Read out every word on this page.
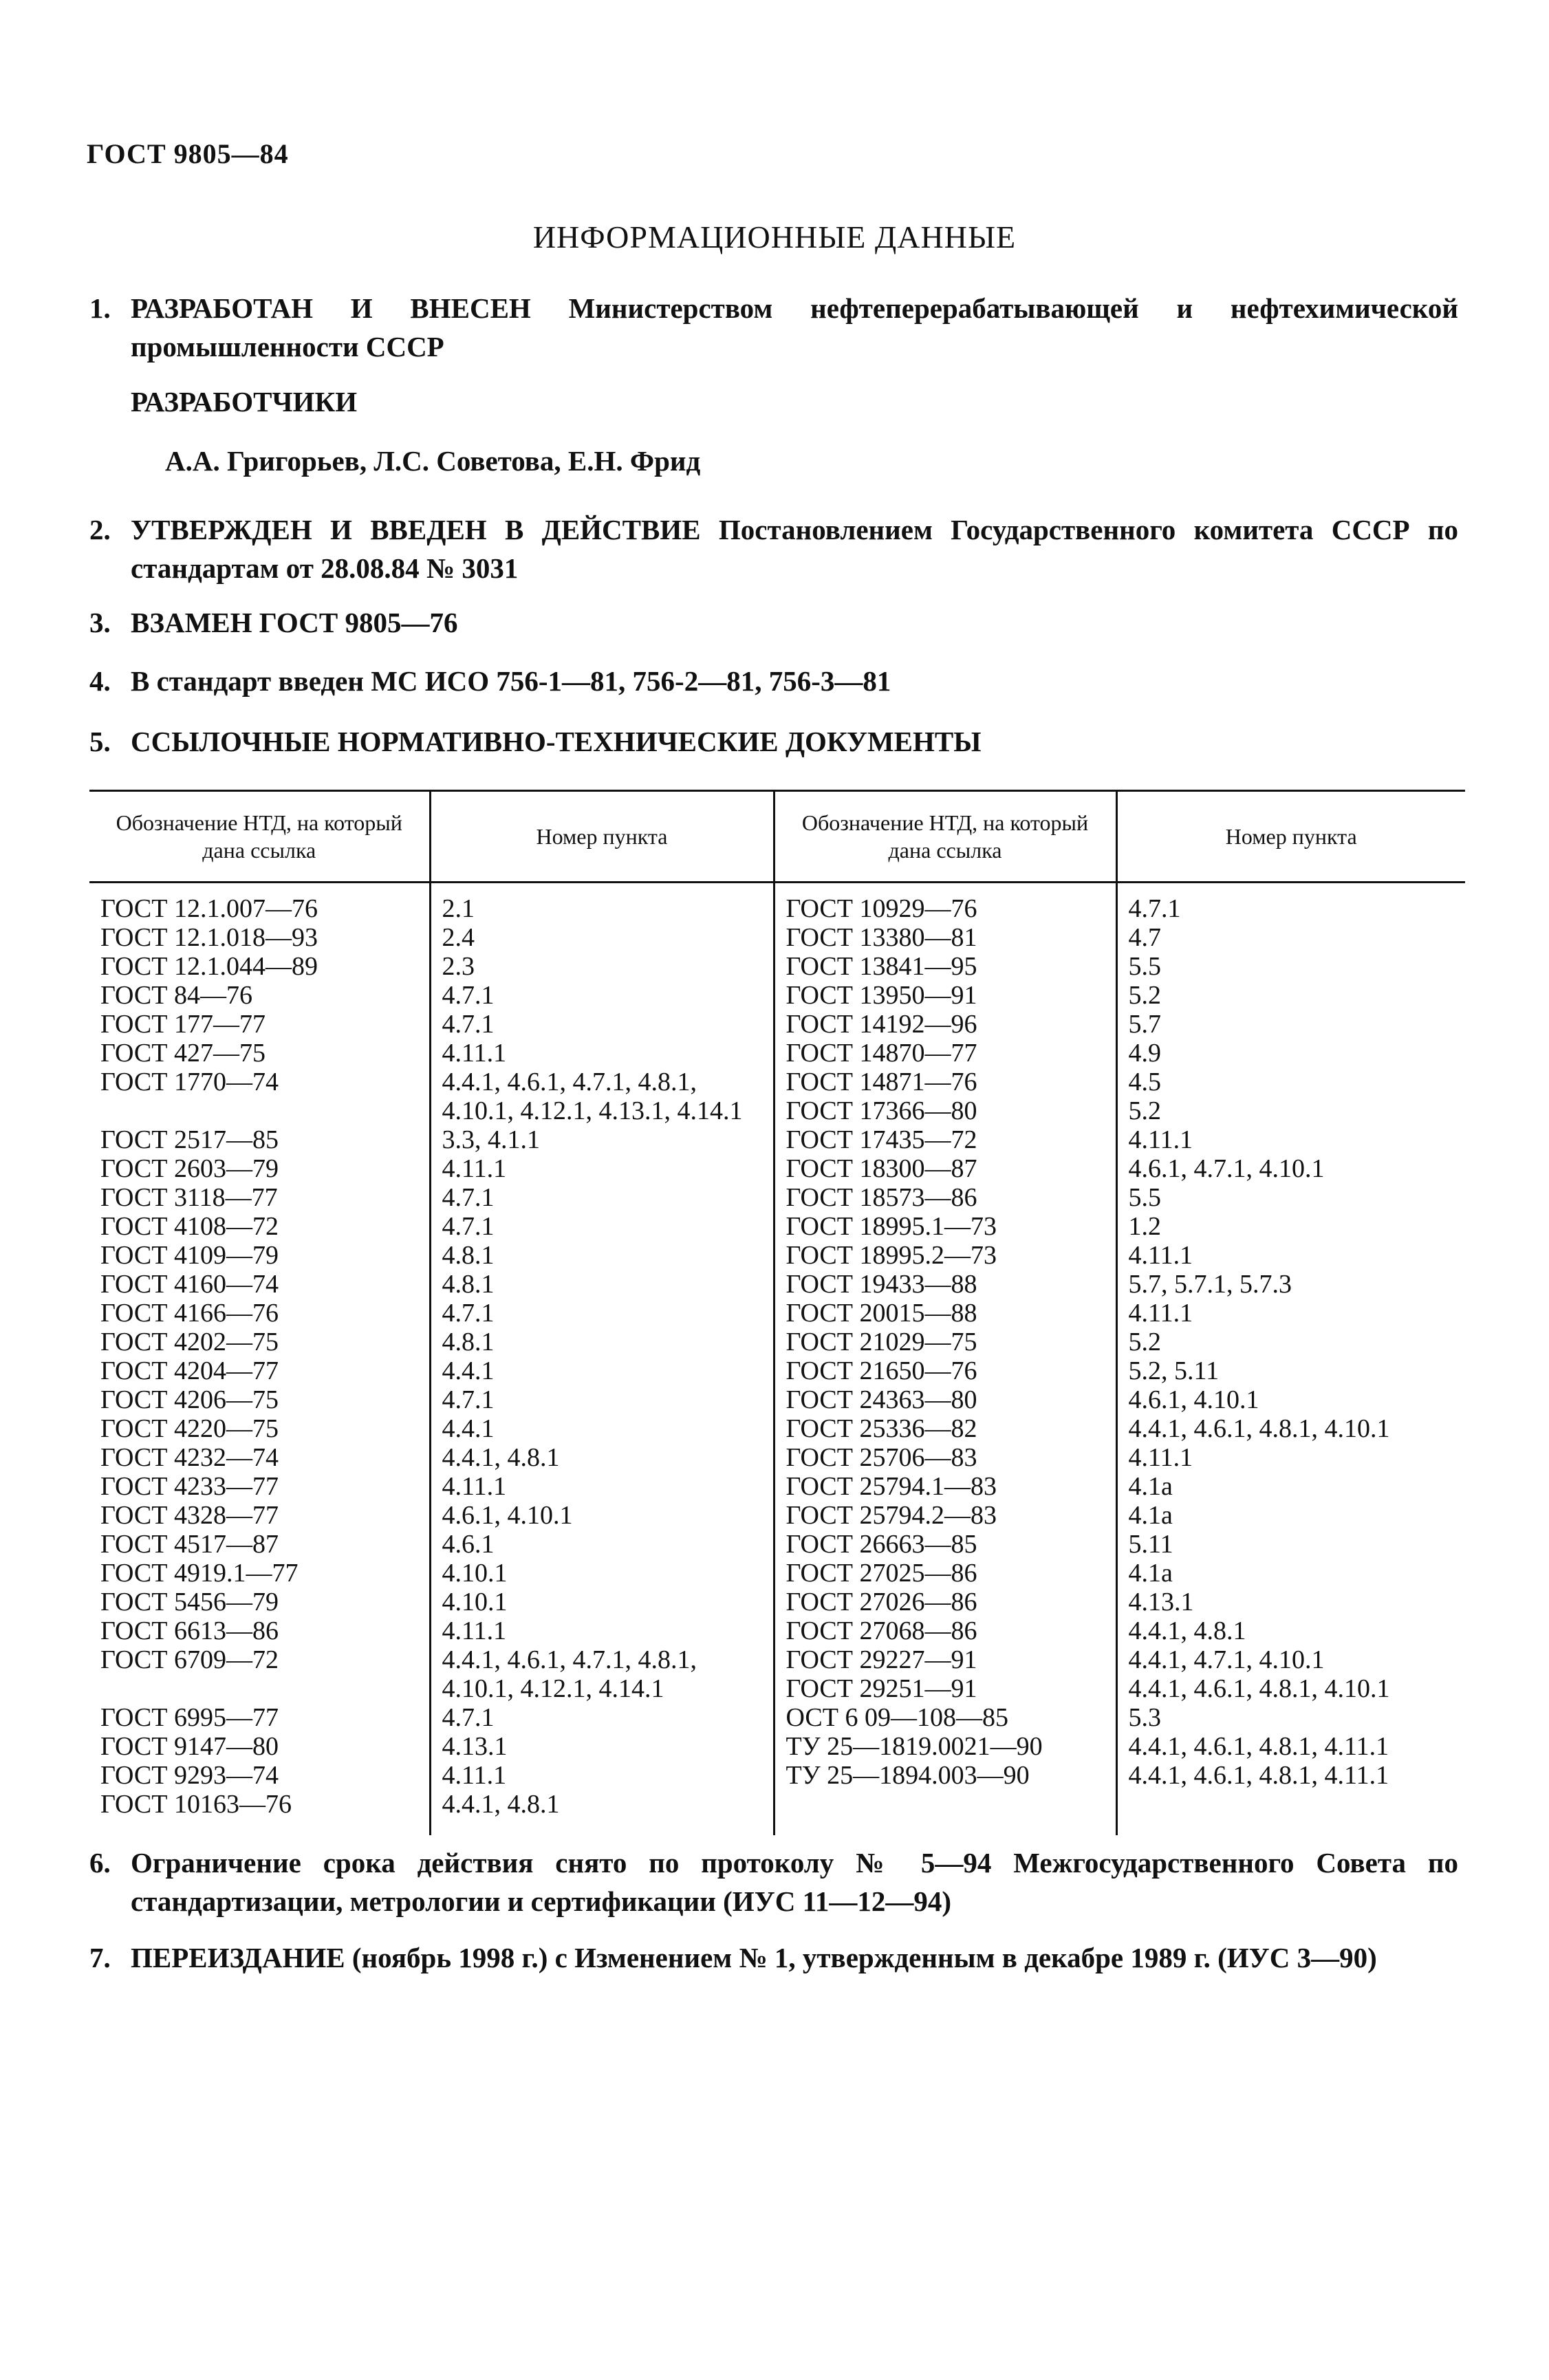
ГОСТ 9805—84
ИНФОРМАЦИОННЫЕ ДАННЫЕ
1. РАЗРАБОТАН И ВНЕСЕН Министерством нефтеперерабатывающей и нефтехимической промышленности СССР
РАЗРАБОТЧИКИ
А.А. Григорьев, Л.С. Советова, Е.Н. Фрид
2. УТВЕРЖДЕН И ВВЕДЕН В ДЕЙСТВИЕ Постановлением Государственного комитета СССР по стандартам от 28.08.84 № 3031
3. ВЗАМЕН ГОСТ 9805—76
4. В стандарт введен МС ИСО 756-1—81, 756-2—81, 756-3—81
5. ССЫЛОЧНЫЕ НОРМАТИВНО-ТЕХНИЧЕСКИЕ ДОКУМЕНТЫ
Обозначение НТД, на который дана ссылка	Номер пункта	Обозначение НТД, на который дана ссылка	Номер пункта
ГОСТ 12.1.007—76	2.1	ГОСТ 10929—76	4.7.1
ГОСТ 12.1.018—93	2.4	ГОСТ 13380—81	4.7
ГОСТ 12.1.044—89	2.3	ГОСТ 13841—95	5.5
ГОСТ 84—76	4.7.1	ГОСТ 13950—91	5.2
ГОСТ 177—77	4.7.1	ГОСТ 14192—96	5.7
ГОСТ 427—75	4.11.1	ГОСТ 14870—77	4.9
ГОСТ 1770—74	4.4.1, 4.6.1, 4.7.1, 4.8.1,	ГОСТ 14871—76	4.5
	4.10.1, 4.12.1, 4.13.1, 4.14.1	ГОСТ 17366—80	5.2
ГОСТ 2517—85	3.3, 4.1.1	ГОСТ 17435—72	4.11.1
ГОСТ 2603—79	4.11.1	ГОСТ 18300—87	4.6.1, 4.7.1, 4.10.1
ГОСТ 3118—77	4.7.1	ГОСТ 18573—86	5.5
ГОСТ 4108—72	4.7.1	ГОСТ 18995.1—73	1.2
ГОСТ 4109—79	4.8.1	ГОСТ 18995.2—73	4.11.1
ГОСТ 4160—74	4.8.1	ГОСТ 19433—88	5.7, 5.7.1, 5.7.3
ГОСТ 4166—76	4.7.1	ГОСТ 20015—88	4.11.1
ГОСТ 4202—75	4.8.1	ГОСТ 21029—75	5.2
ГОСТ 4204—77	4.4.1	ГОСТ 21650—76	5.2, 5.11
ГОСТ 4206—75	4.7.1	ГОСТ 24363—80	4.6.1, 4.10.1
ГОСТ 4220—75	4.4.1	ГОСТ 25336—82	4.4.1, 4.6.1, 4.8.1, 4.10.1
ГОСТ 4232—74	4.4.1, 4.8.1	ГОСТ 25706—83	4.11.1
ГОСТ 4233—77	4.11.1	ГОСТ 25794.1—83	4.1а
ГОСТ 4328—77	4.6.1, 4.10.1	ГОСТ 25794.2—83	4.1а
ГОСТ 4517—87	4.6.1	ГОСТ 26663—85	5.11
ГОСТ 4919.1—77	4.10.1	ГОСТ 27025—86	4.1а
ГОСТ 5456—79	4.10.1	ГОСТ 27026—86	4.13.1
ГОСТ 6613—86	4.11.1	ГОСТ 27068—86	4.4.1, 4.8.1
ГОСТ 6709—72	4.4.1, 4.6.1, 4.7.1, 4.8.1,	ГОСТ 29227—91	4.4.1, 4.7.1, 4.10.1
	4.10.1, 4.12.1, 4.14.1	ГОСТ 29251—91	4.4.1, 4.6.1, 4.8.1, 4.10.1
ГОСТ 6995—77	4.7.1	ОСТ 6 09—108—85	5.3
ГОСТ 9147—80	4.13.1	ТУ 25—1819.0021—90	4.4.1, 4.6.1, 4.8.1, 4.11.1
ГОСТ 9293—74	4.11.1	ТУ 25—1894.003—90	4.4.1, 4.6.1, 4.8.1, 4.11.1
ГОСТ 10163—76	4.4.1, 4.8.1		
6. Ограничение срока действия снято по протоколу № 5—94 Межгосударственного Совета по стандартизации, метрологии и сертификации (ИУС 11—12—94)
7. ПЕРЕИЗДАНИЕ (ноябрь 1998 г.) с Изменением № 1, утвержденным в декабре 1989 г. (ИУС 3—90)
